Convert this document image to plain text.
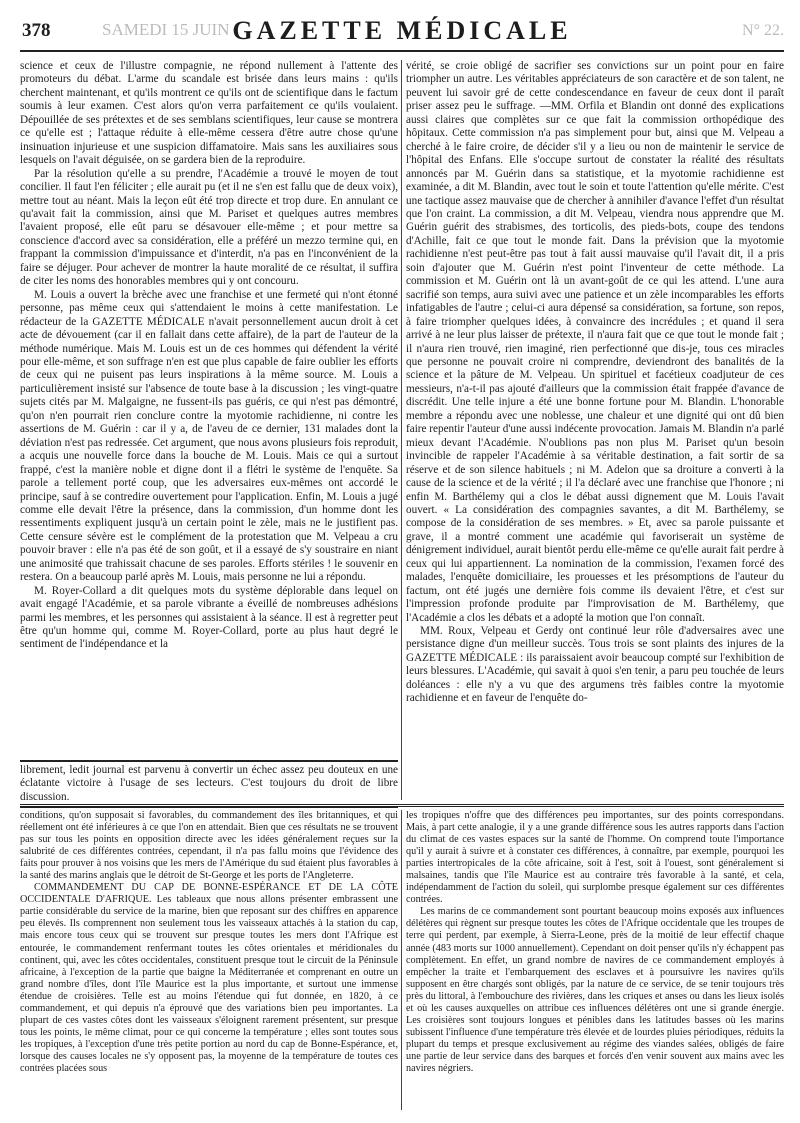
378	SAMEDI 15 JUIN GAZETTE MÉDICALE	N° 22.

science et ceux de l'illustre compagnie, ne répond nullement à l'attente des promoteurs du débat. L'arme du scandale est brisée dans leurs mains : qu'ils cherchent maintenant, et qu'ils montrent ce qu'ils ont de scientifique dans le factum soumis à leur examen. C'est alors qu'on verra parfaitement ce qu'ils voulaient. Dépouillée de ses prétextes et de ses semblans scientifiques, leur cause se montrera ce qu'elle est ; l'attaque réduite à elle-même cessera d'être autre chose qu'une insinuation injurieuse et une suspicion diffamatoire. Mais sans les auxiliaires sous lesquels on l'avait déguisée, on se gardera bien de la reproduire.

Par la résolution qu'elle a su prendre, l'Académie a trouvé le moyen de tout concilier. Il faut l'en féliciter ; elle aurait pu (et il ne s'en est fallu que de deux voix), mettre tout au néant. Mais la leçon eût été trop directe et trop dure. En annulant ce qu'avait fait la commission, ainsi que M. Pariset et quelques autres membres l'avaient proposé, elle eût paru se désavouer elle-même ; et pour mettre sa conscience d'accord avec sa considération, elle a préféré un mezzo termine qui, en frappant la commission d'impuissance et d'interdit, n'a pas en l'inconvénient de la faire se déjuger. Pour achever de montrer la haute moralité de ce résultat, il suffira de citer les noms des honorables membres qui y ont concouru.

M. Louis a ouvert la brèche avec une franchise et une fermeté qui n'ont étonné personne, pas même ceux qui s'attendaient le moins à cette manifestation. Le rédacteur de la GAZETTE MÉDICALE n'avait personnellement aucun droit à cet acte de dévouement (car il en fallait dans cette affaire), de la part de l'auteur de la méthode numérique. Mais M. Louis est un de ces hommes qui défendent la vérité pour elle-même, et son suffrage n'en est que plus capable de faire oublier les efforts de ceux qui ne puisent pas leurs inspirations à la même source. M. Louis a particulièrement insisté sur l'absence de toute base à la discussion ; les vingt-quatre sujets cités par M. Malgaigne, ne fussent-ils pas guéris, ce qui n'est pas démontré, qu'on n'en pourrait rien conclure contre la myotomie rachidienne, ni contre les assertions de M. Guérin : car il y a, de l'aveu de ce dernier, 131 malades dont la déviation n'est pas redressée. Cet argument, que nous avons plusieurs fois reproduit, a acquis une nouvelle force dans la bouche de M. Louis. Mais ce qui a surtout frappé, c'est la manière noble et digne dont il a flétri le système de l'enquête. Sa parole a tellement porté coup, que les adversaires eux-mêmes ont accordé le principe, sauf à se contredire ouvertement pour l'application. Enfin, M. Louis a jugé comme elle devait l'être la présence, dans la commission, d'un homme dont les ressentiments expliquent jusqu'à un certain point le zèle, mais ne le justifient pas. Cette censure sévère est le complément de la protestation que M. Velpeau a cru pouvoir braver : elle n'a pas été de son goût, et il a essayé de s'y soustraire en niant une animosité que trahissait chacune de ses paroles. Efforts stériles ! le souvenir en restera. On a beaucoup parlé après M. Louis, mais personne ne lui a répondu.

M. Royer-Collard a dit quelques mots du système déplorable dans lequel on avait engagé l'Académie, et sa parole vibrante a éveillé de nombreuses adhésions parmi les membres, et les personnes qui assistaient à la séance. Il est à regretter peut être qu'un homme qui, comme M. Royer-Collard, porte au plus haut degré le sentiment de l'indépendance et la

librement, ledit journal est parvenu à convertir un échec assez peu douteux en une éclatante victoire à l'usage de ses lecteurs. C'est toujours du droit de libre discussion.

vérité, se croie obligé de sacrifier ses convictions sur un point pour en faire triompher un autre. Les véritables appréciateurs de son caractère et de son talent, ne peuvent lui savoir gré de cette condescendance en faveur de ceux dont il paraît priser assez peu le suffrage. —MM. Orfila et Blandin ont donné des explications aussi claires que complètes sur ce que fait la commission orthopédique des hôpitaux. Cette commission n'a pas simplement pour but, ainsi que M. Velpeau a cherché à le faire croire, de décider s'il y a lieu ou non de maintenir le service de l'hôpital des Enfans. Elle s'occupe surtout de constater la réalité des résultats annoncés par M. Guérin dans sa statistique, et la myotomie rachidienne est examinée, a dit M. Blandin, avec tout le soin et toute l'attention qu'elle mérite. C'est une tactique assez mauvaise que de chercher à annihiler d'avance l'effet d'un résultat que l'on craint. La commission, a dit M. Velpeau, viendra nous apprendre que M. Guérin guérit des strabismes, des torticolis, des pieds-bots, coupe des tendons d'Achille, fait ce que tout le monde fait. Dans la prévision que la myotomie rachidienne n'est peut-être pas tout à fait aussi mauvaise qu'il l'avait dit, il a pris soin d'ajouter que M. Guérin n'est point l'inventeur de cette méthode. La commission et M. Guérin ont là un avant-goût de ce qui les attend. L'une aura sacrifié son temps, aura suivi avec une patience et un zèle incomparables les efforts infatigables de l'autre ; celui-ci aura dépensé sa considération, sa fortune, son repos, à faire triompher quelques idées, à convaincre des incrédules ; et quand il sera arrivé à ne leur plus laisser de prétexte, il n'aura fait que ce que tout le monde fait ; il n'aura rien trouvé, rien imaginé, rien perfectionné que dis-je, tous ces miracles que personne ne pouvait croire ni comprendre, deviendront des banalités de la science et la pâture de M. Velpeau. Un spirituel et facétieux coadjuteur de ces messieurs, n'a-t-il pas ajouté d'ailleurs que la commission était frappée d'avance de discrédit. Une telle injure a été une bonne fortune pour M. Blandin. L'honorable membre a répondu avec une noblesse, une chaleur et une dignité qui ont dû bien faire repentir l'auteur d'une aussi indécente provocation. Jamais M. Blandin n'a parlé mieux devant l'Académie. N'oublions pas non plus M. Pariset qu'un besoin invincible de rappeler l'Académie à sa véritable destination, a fait sortir de sa réserve et de son silence habituels ; ni M. Adelon que sa droiture a converti à la cause de la science et de la vérité ; il l'a déclaré avec une franchise que l'honore ; ni enfin M. Barthélemy qui a clos le débat aussi dignement que M. Louis l'avait ouvert. « La considération des compagnies savantes, a dit M. Barthélemy, se compose de la considération de ses membres. » Et, avec sa parole puissante et grave, il a montré comment une académie qui favoriserait un système de dénigrement individuel, aurait bientôt perdu elle-même ce qu'elle aurait fait perdre à ceux qui lui appartiennent. La nomination de la commission, l'examen forcé des malades, l'enquête domiciliaire, les prouesses et les présomptions de l'auteur du factum, ont été jugés une dernière fois comme ils devaient l'être, et c'est sur l'impression profonde produite par l'improvisation de M. Barthélemy, que l'Académie a clos les débats et a adopté la motion que l'on connaît.

MM. Roux, Velpeau et Gerdy ont continué leur rôle d'adversaires avec une persistance digne d'un meilleur succès. Tous trois se sont plaints des injures de la GAZETTE MÉDICALE : ils paraissaient avoir beaucoup compté sur l'exhibition de leurs blessures. L'Académie, qui savait à quoi s'en tenir, a paru peu touchée de leurs doléances : elle n'y a vu que des argumens très faibles contre la myotomie rachidienne et en faveur de l'enquête do-

conditions, qu'on supposait si favorables, du commandement des îles britanniques, et qui réellement ont été inférieures à ce que l'on en attendait. Bien que ces résultats ne se trouvent pas sur tous les points en opposition directe avec les idées généralement reçues sur la salubrité de ces différentes contrées, cependant, il n'a pas fallu moins que l'évidence des faits pour prouver à nos voisins que les mers de l'Amérique du sud étaient plus favorables à la santé des marins anglais que le détroit de St-George et les ports de l'Angleterre.

COMMANDEMENT DU CAP DE BONNE-ESPÉRANCE ET DE LA CÔTE OCCIDENTALE D'AFRIQUE. Les tableaux que nous allons présenter embrassent une partie considérable du service de la marine, bien que reposant sur des chiffres en apparence peu élevés. Ils comprennent non seulement tous les vaisseaux attachés à la station du cap, mais encore tous ceux qui se trouvent sur presque toutes les mers dont l'Afrique est entourée, le commandement renfermant toutes les côtes orientales et méridionales du continent, qui, avec les côtes occidentales, constituent presque tout le circuit de la Péninsule africaine, à l'exception de la partie que baigne la Méditerranée et comprenant en outre un grand nombre d'îles, dont l'île Maurice est la plus importante, et surtout une immense étendue de croisières. Telle est au moins l'étendue qui fut donnée, en 1820, à ce commandement, et qui depuis n'a éprouvé que des variations bien peu importantes. La plupart de ces vastes côtes dont les vaisseaux s'éloignent rarement présentent, sur presque tous les points, le même climat, pour ce qui concerne la température ; elles sont toutes sous les tropiques, à l'exception d'une très petite portion au nord du cap de Bonne-Espérance, et, lorsque des causes locales ne s'y opposent pas, la moyenne de la température de toutes ces contrées placées sous

les tropiques n'offre que des différences peu importantes, sur des points correspondans. Mais, à part cette analogie, il y a une grande différence sous les autres rapports dans l'action du climat de ces vastes espaces sur la santé de l'homme. On comprend toute l'importance qu'il y aurait à suivre et à constater ces différences, à connaître, par exemple, pourquoi les parties intertropicales de la côte africaine, soit à l'est, soit à l'ouest, sont généralement si malsaines, tandis que l'île Maurice est au contraire très favorable à la santé, et cela, indépendamment de l'action du soleil, qui surplombe presque également sur ces différentes contrées.

Les marins de ce commandement sont pourtant beaucoup moins exposés aux influences délétères qui règnent sur presque toutes les côtes de l'Afrique occidentale que les troupes de terre qui perdent, par exemple, à Sierra-Leone, près de la moitié de leur effectif chaque année (483 morts sur 1000 annuellement). Cependant on doit penser qu'ils n'y échappent pas complètement. En effet, un grand nombre de navires de ce commandement employés à empêcher la traite et l'embarquement des esclaves et à poursuivre les navires qu'ils supposent en être chargés sont obligés, par la nature de ce service, de se tenir toujours très près du littoral, à l'embouchure des rivières, dans les criques et anses ou dans les lieux isolés et où les causes auxquelles on attribue ces influences délétères ont une si grande énergie. Les croisières sont toujours longues et pénibles dans les latitudes basses où les marins subissent l'influence d'une température très élevée et de lourdes pluies périodiques, réduits la plupart du temps et presque exclusivement au régime des viandes salées, obligés de faire une partie de leur service dans des barques et forcés d'en venir souvent aux mains avec les navires négriers.
